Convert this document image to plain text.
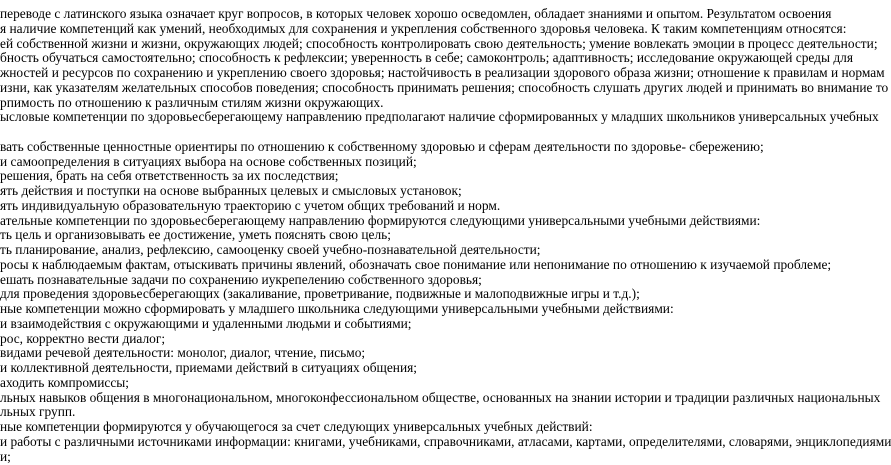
переводе с латинского языка означает круг вопросов, в которых человек хорошо осведомлен, обладает знаниями и опытом. Результатом освоения
я наличие компетенций как умений, необходимых для сохранения и укрепления собственного здоровья человека. К таким компетенциям относятся:
ей собственной жизни и жизни, окружающих людей; способность контролировать свою деятельность; умение вовлекать эмоции в процесс деятельности;
бность обучаться самостоятельно; способность к рефлексии; уверенность в себе; самоконтроль; адаптивность; исследование окружающей среды для
жностей и ресурсов по сохранению и укреплению своего здоровья; настойчивость в реализации здорового образа жизни; отношение к правилам и нормам
изни, как указателям желательных способов поведения; способность принимать решения; способность слушать других людей и принимать во внимание то
рпимость по отношению к различным стилям жизни окружающих.
ысловые компетенции по здоровьесберегающему направлению предполагают наличие сформированных у младших школьников универсальных учебных
вать собственные ценностные ориентиры по отношению к собственному здоровью и сферам деятельности по здоровье- сбережению;
и самоопределения в ситуациях выбора на основе собственных позиций;
решения, брать на себя ответственность за их последствия;
ять действия и поступки на основе выбранных целевых и смысловых установок;
ять индивидуальную образовательную траекторию с учетом общих требований и норм.
ательные компетенции по здоровьесберегающему направлению формируются следующими универсальными учебными действиями:
ть цель и организовывать ее достижение, уметь пояснять свою цель;
ть планирование, анализ, рефлексию, самооценку своей учебно-познавательной деятельности;
росы к наблюдаемым фактам, отыскивать причины явлений, обозначать свое понимание или непонимание по отношению к изучаемой проблеме;
ешать познавательные задачи по сохранению иукрепелению собственного здоровья;
для проведения здоровьесберегающих (закаливание, проветривание, подвижные и малоподвижные игры и т.д.);
ные компетенции можно сформировать у младшего школьника следующими универсальными учебными действиями:
и взаимодействия с окружающими и удаленными людьми и событиями;
рос, корректно вести диалог;
видами речевой деятельности: монолог, диалог, чтение, письмо;
и коллективной деятельности, приемами действий в ситуациях общения;
аходить компромиссы;
льных навыков общения в многонациональном, многоконфессиональном обществе, основанных на знании истории и традиции различных национальных
льных групп.
ные компетенции формируются у обучающегося за счет следующих универсальных учебных действий:
и работы с различными источниками информации: книгами, учебниками, справочниками, атласами, картами, определителями, словарями, энциклопедиями
и;
